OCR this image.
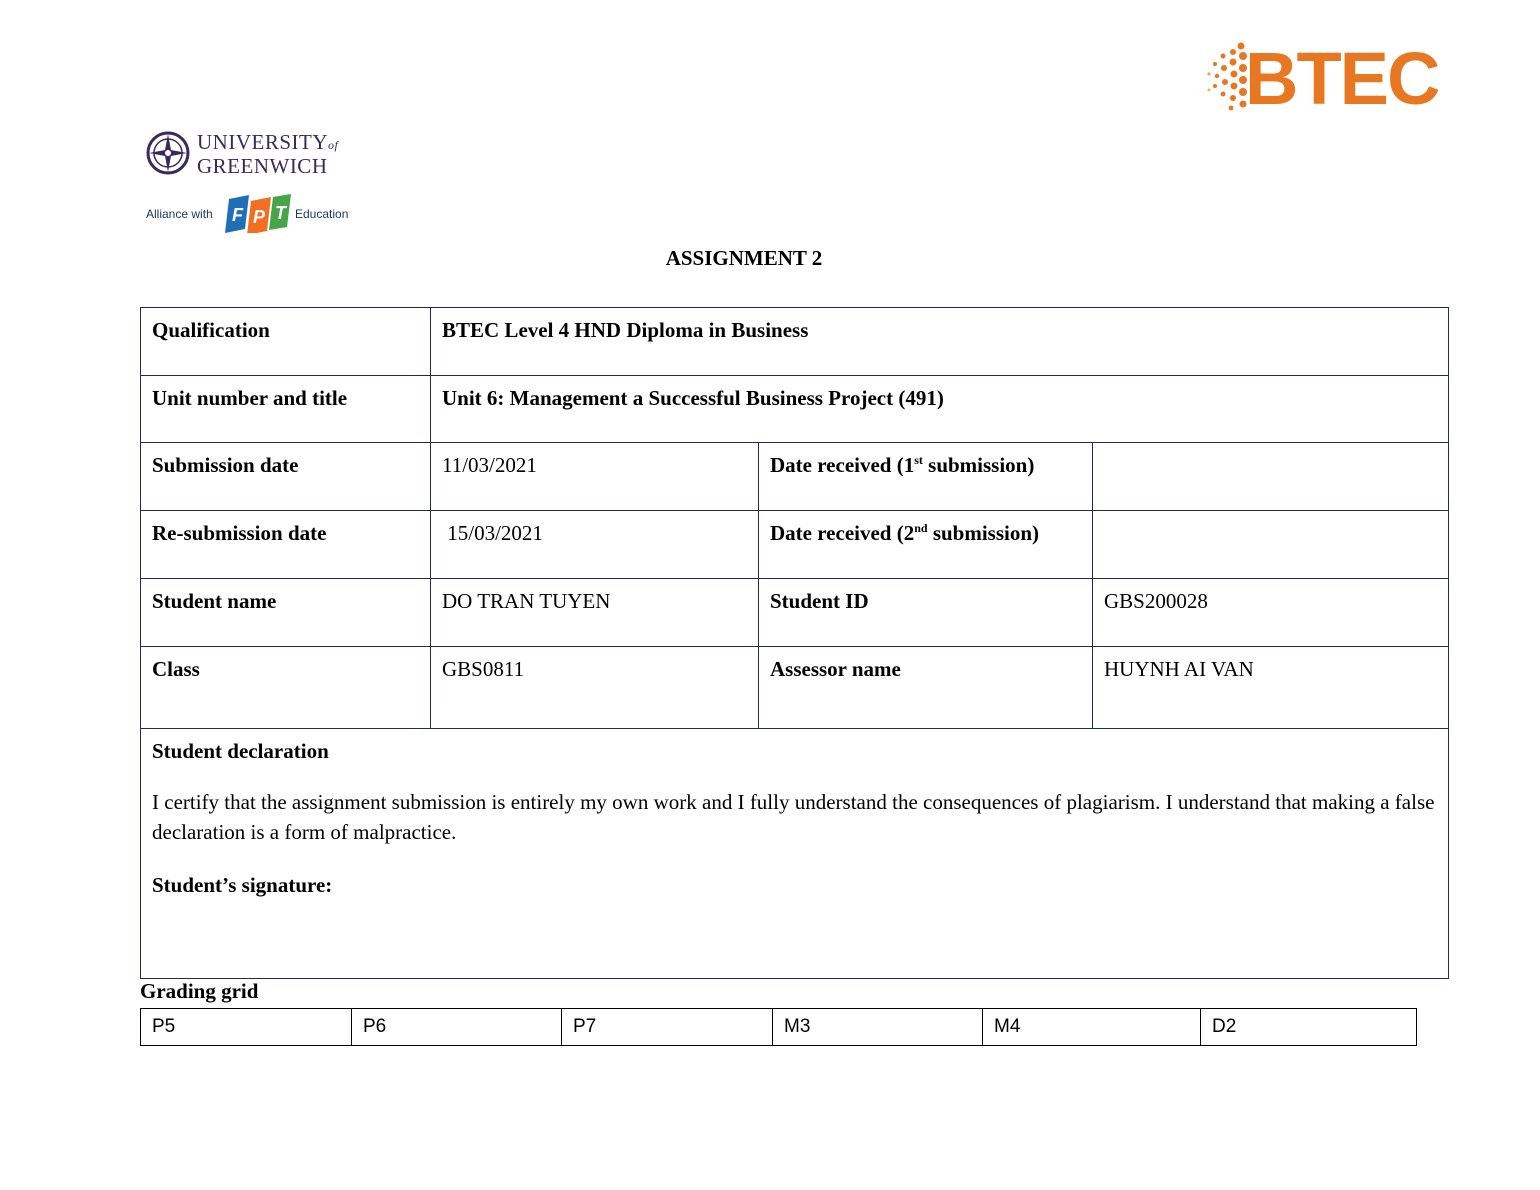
BTEC
UNIVERSITYof
GREENWICH
Alliance with F P T Education
ASSIGNMENT 2
Qualification	BTEC Level 4 HND Diploma in Business		
Unit number and title	Unit 6: Management a Successful Business Project (491)		
Submission date	11/03/2021	Date received (1st submission)	
Re-submission date	15/03/2021	Date received (2nd submission)	
Student name	DO TRAN TUYEN	Student ID	GBS200028
Class	GBS0811	Assessor name	HUYNH AI VAN

Student declaration

I certify that the assignment submission is entirely my own work and I fully understand the consequences of plagiarism. I understand that making a false declaration is a form of malpractice.

Student’s signature:			

Grading grid
P5	P6	P7	M3	M4	D2
